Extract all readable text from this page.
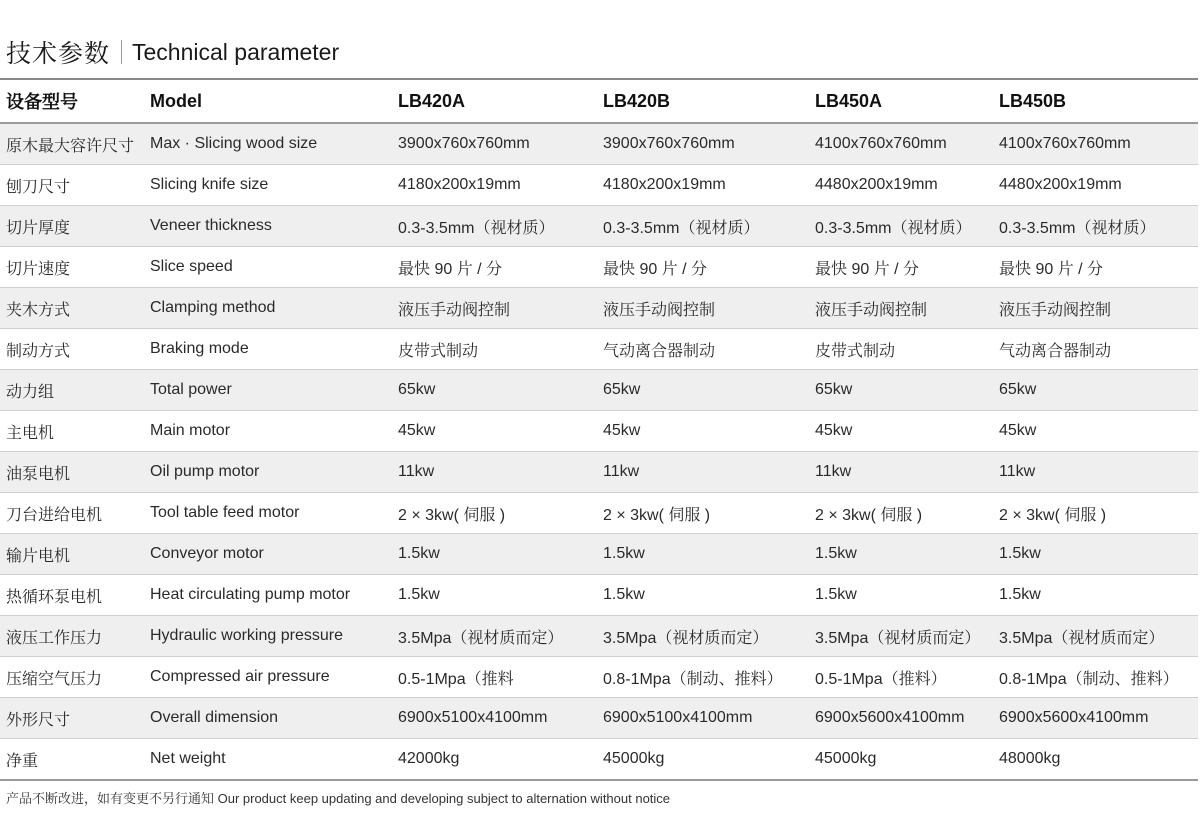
技术参数 Technical parameter
设备型号	Model	LB420A	LB420B	LB450A	LB450B
原木最大容许尺寸	Max · Slicing wood size	3900x760x760mm	3900x760x760mm	4100x760x760mm	4100x760x760mm
刨刀尺寸	Slicing knife size	4180x200x19mm	4180x200x19mm	4480x200x19mm	4480x200x19mm
切片厚度	Veneer thickness	0.3-3.5mm（视材质）	0.3-3.5mm（视材质）	0.3-3.5mm（视材质）	0.3-3.5mm（视材质）
切片速度	Slice speed	最快 90 片 / 分	最快 90 片 / 分	最快 90 片 / 分	最快 90 片 / 分
夹木方式	Clamping method	液压手动阀控制	液压手动阀控制	液压手动阀控制	液压手动阀控制
制动方式	Braking mode	皮带式制动	气动离合器制动	皮带式制动	气动离合器制动
动力组	Total power	65kw	65kw	65kw	65kw
主电机	Main motor	45kw	45kw	45kw	45kw
油泵电机	Oil pump motor	11kw	11kw	11kw	11kw
刀台进给电机	Tool table feed motor	2 × 3kw( 伺服 )	2 × 3kw( 伺服 )	2 × 3kw( 伺服 )	2 × 3kw( 伺服 )
输片电机	Conveyor motor	1.5kw	1.5kw	1.5kw	1.5kw
热循环泵电机	Heat circulating pump motor	1.5kw	1.5kw	1.5kw	1.5kw
液压工作压力	Hydraulic working pressure	3.5Mpa（视材质而定）	3.5Mpa（视材质而定）	3.5Mpa（视材质而定）	3.5Mpa（视材质而定）
压缩空气压力	Compressed air pressure	0.5-1Mpa（推料	0.8-1Mpa（制动、推料）	0.5-1Mpa（推料）	0.8-1Mpa（制动、推料）
外形尺寸	Overall dimension	6900x5100x4100mm	6900x5100x4100mm	6900x5600x4100mm	6900x5600x4100mm
净重	Net weight	42000kg	45000kg	45000kg	48000kg
产品不断改进，如有变更不另行通知 Our product keep updating and developing subject to alternation without notice
